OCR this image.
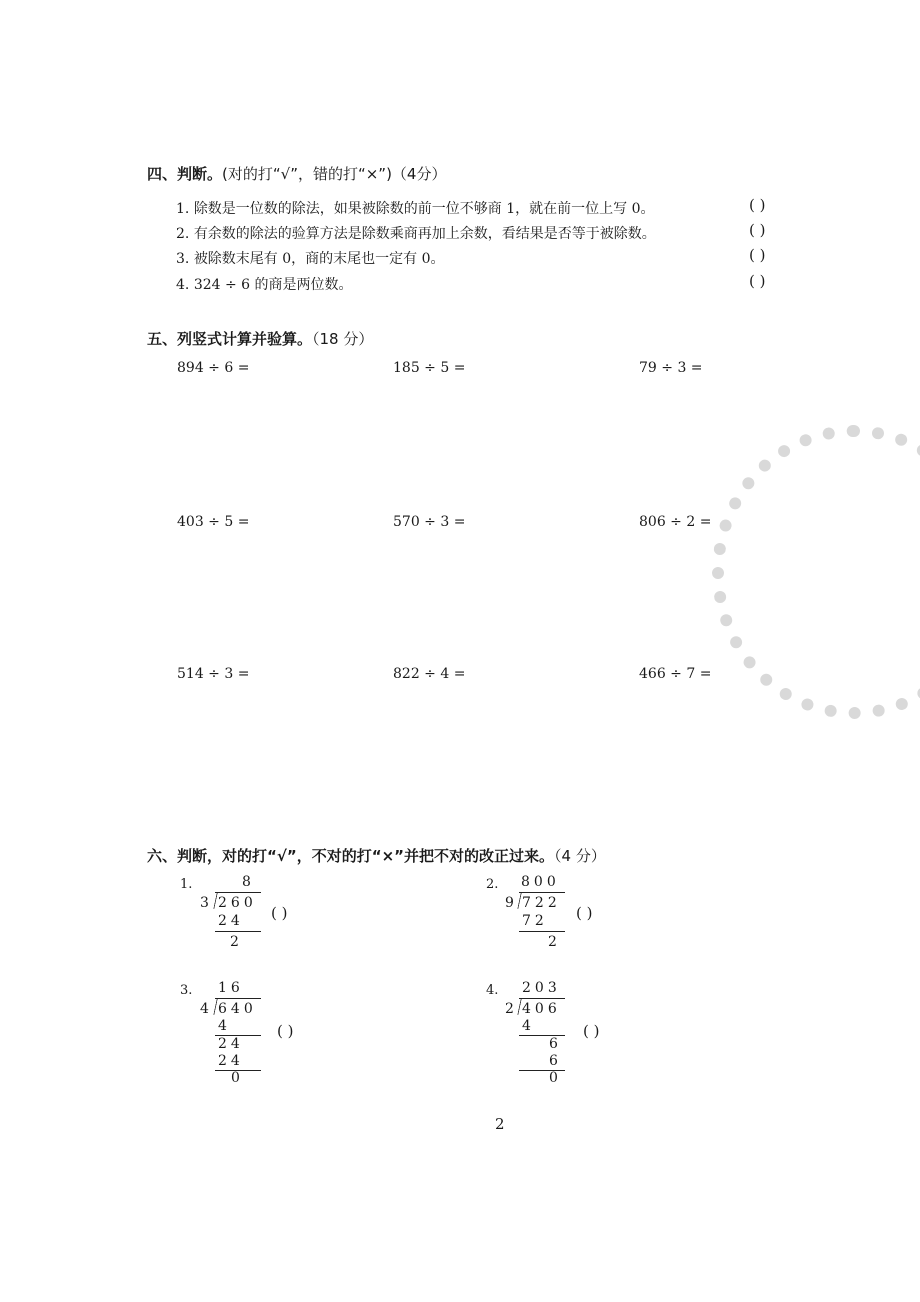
四、判断。(对的打“√”，错的打“×”)（4分）
1. 除数是一位数的除法，如果被除数的前一位不够商 1，就在前一位上写 0。	( )
2. 有余数的除法的验算方法是除数乘商再加上余数，看结果是否等于被除数。	( )
3. 被除数末尾有 0，商的末尾也一定有 0。	( )
4. 324 ÷ 6 的商是两位数。	( )
五、列竖式计算并验算。（18 分）
894 ÷ 6 =	185 ÷ 5 =	79 ÷ 3 =
403 ÷ 5 =	570 ÷ 3 =	806 ÷ 2 =
514 ÷ 3 =	822 ÷ 4 =	466 ÷ 7 =
六、判断，对的打“√”，不对的打“×”并把不对的改正过来。（4 分）
1.	8
3 260
24
2
( )
2. 800
9 722
72
2
( )
3. 16
4 640
4
24
24
0
( )
4. 203
2 406
4
6
6
0
( )
2
